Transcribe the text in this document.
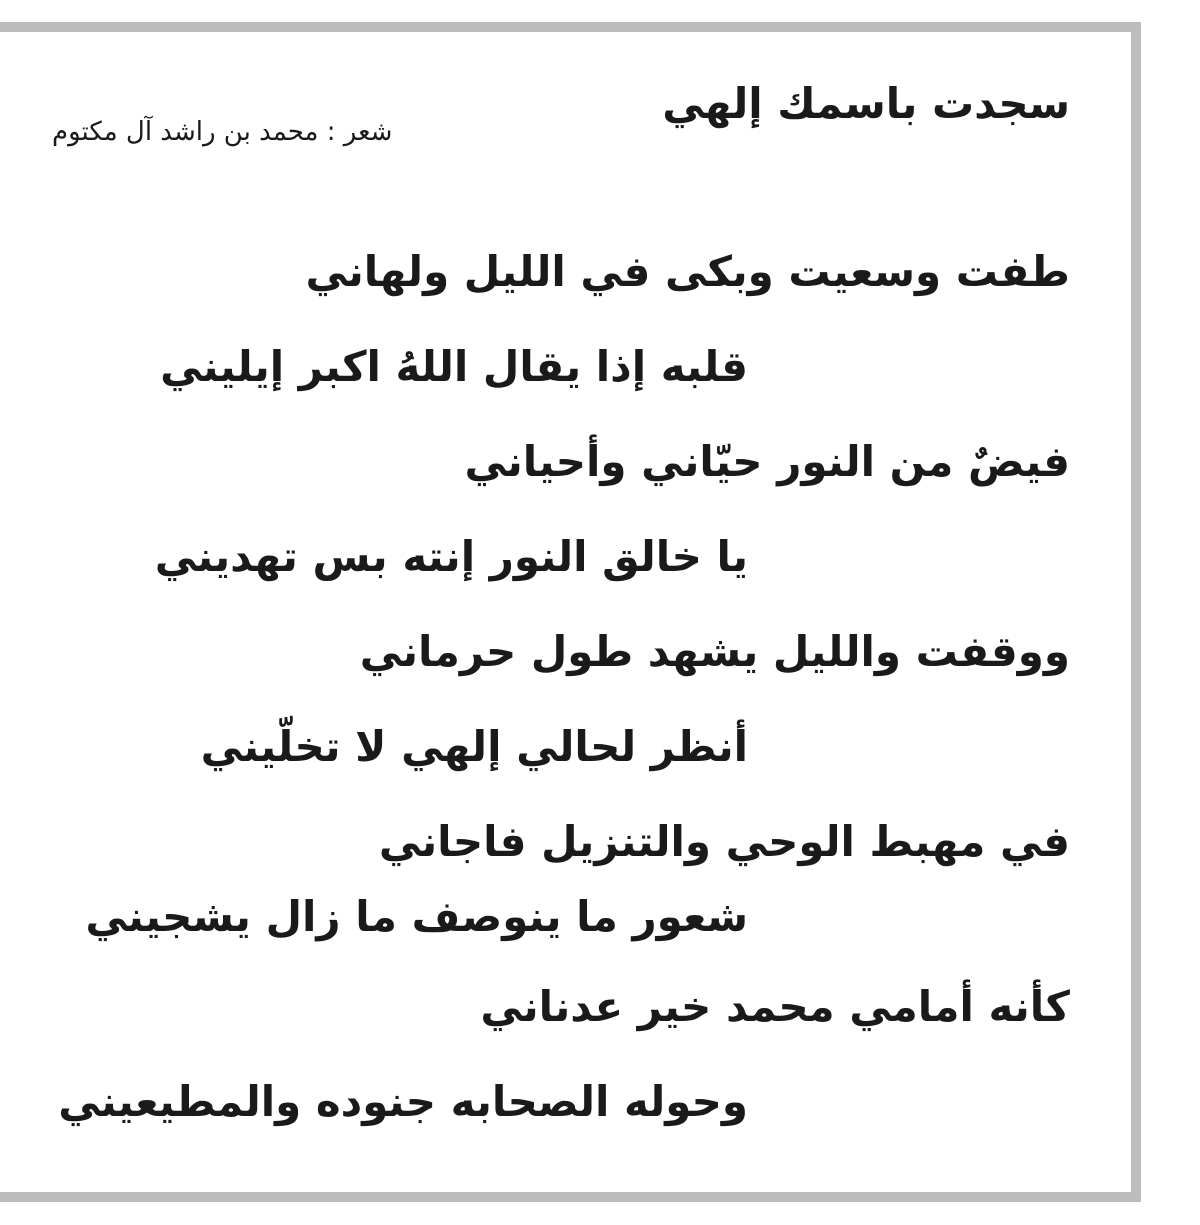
سجدت باسمك إلهي
شعر : محمد بن راشد آل مكتوم

طفت وسعيت وبكى في الليل ولهاني

قلبه إذا يقال اللهُ اكبر إيليني

فيضٌ من النور حيّاني وأحياني

يا خالق النور إنته بس تهديني

ووقفت والليل يشهد طول حرماني

أنظر لحالي إلهي لا تخلّيني

في مهبط الوحي والتنزيل فاجاني

شعور ما ينوصف ما زال يشجيني

كأنه أمامي محمد خير عدناني

وحوله الصحابه جنوده والمطيعيني
